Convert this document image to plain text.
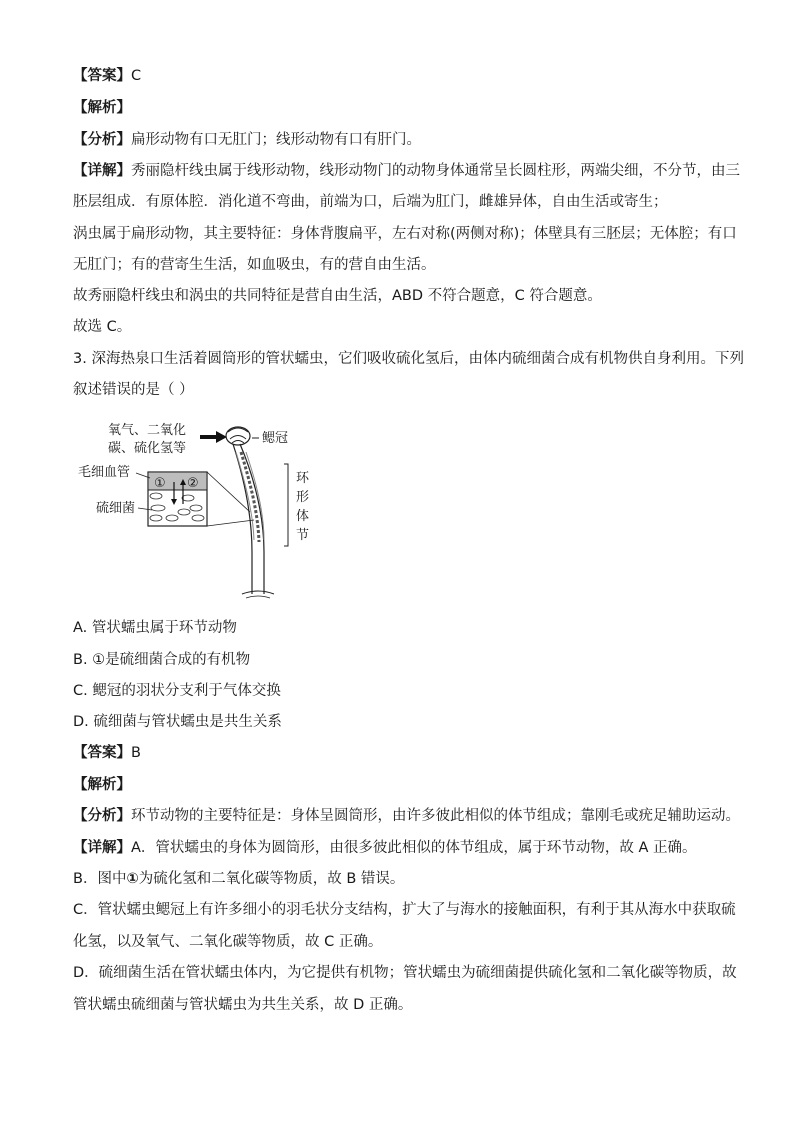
【答案】C
【解析】
【分析】扁形动物有口无肛门；线形动物有口有肝门。
【详解】秀丽隐杆线虫属于线形动物，线形动物门的动物身体通常呈长圆柱形，两端尖细，不分节，由三
胚层组成．有原体腔．消化道不弯曲，前端为口，后端为肛门，雌雄异体，自由生活或寄生；
涡虫属于扁形动物，其主要特征：身体背腹扁平，左右对称(两侧对称)；体壁具有三胚层；无体腔；有口
无肛门；有的营寄生生活，如血吸虫，有的营自由生活。
故秀丽隐杆线虫和涡虫的共同特征是营自由生活，ABD 不符合题意，C 符合题意。
故选 C。
3. 深海热泉口生活着圆筒形的管状蠕虫，它们吸收硫化氢后，由体内硫细菌合成有机物供自身利用。下列
叙述错误的是（ ）
氧气、二氧化
碳、硫化氢等
鳃冠
环
形
体
节
① ②
毛细血管
硫细菌
A. 管状蠕虫属于环节动物
B. ①是硫细菌合成的有机物
C. 鳃冠的羽状分支利于气体交换
D. 硫细菌与管状蠕虫是共生关系
【答案】B
【解析】
【分析】环节动物的主要特征是：身体呈圆筒形，由许多彼此相似的体节组成；靠刚毛或疣足辅助运动。
【详解】A．管状蠕虫的身体为圆筒形，由很多彼此相似的体节组成，属于环节动物，故 A 正确。
B．图中①为硫化氢和二氧化碳等物质，故 B 错误。
C．管状蠕虫鳃冠上有许多细小的羽毛状分支结构，扩大了与海水的接触面积，有利于其从海水中获取硫
化氢，以及氧气、二氧化碳等物质，故 C 正确。
D．硫细菌生活在管状蠕虫体内，为它提供有机物；管状蠕虫为硫细菌提供硫化氢和二氧化碳等物质，故
管状蠕虫硫细菌与管状蠕虫为共生关系，故 D 正确。
